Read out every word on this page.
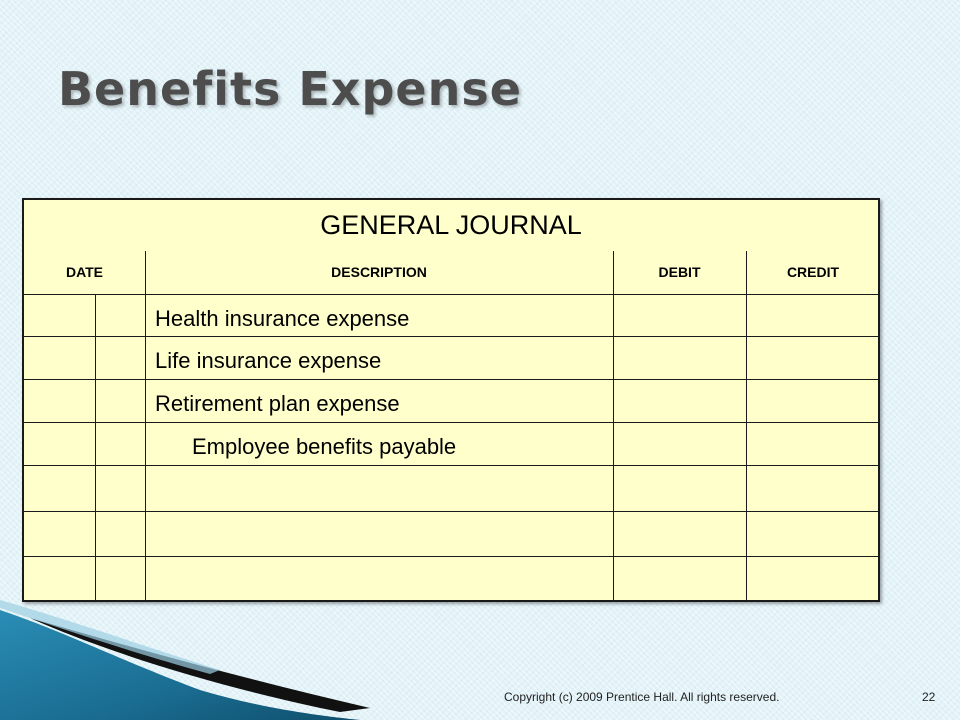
Benefits Expense
GENERAL JOURNAL
DATE	DESCRIPTION	DEBIT	CREDIT
Health insurance expense
Life insurance expense
Retirement plan expense
Employee benefits payable
Copyright (c) 2009 Prentice Hall. All rights reserved.	22
